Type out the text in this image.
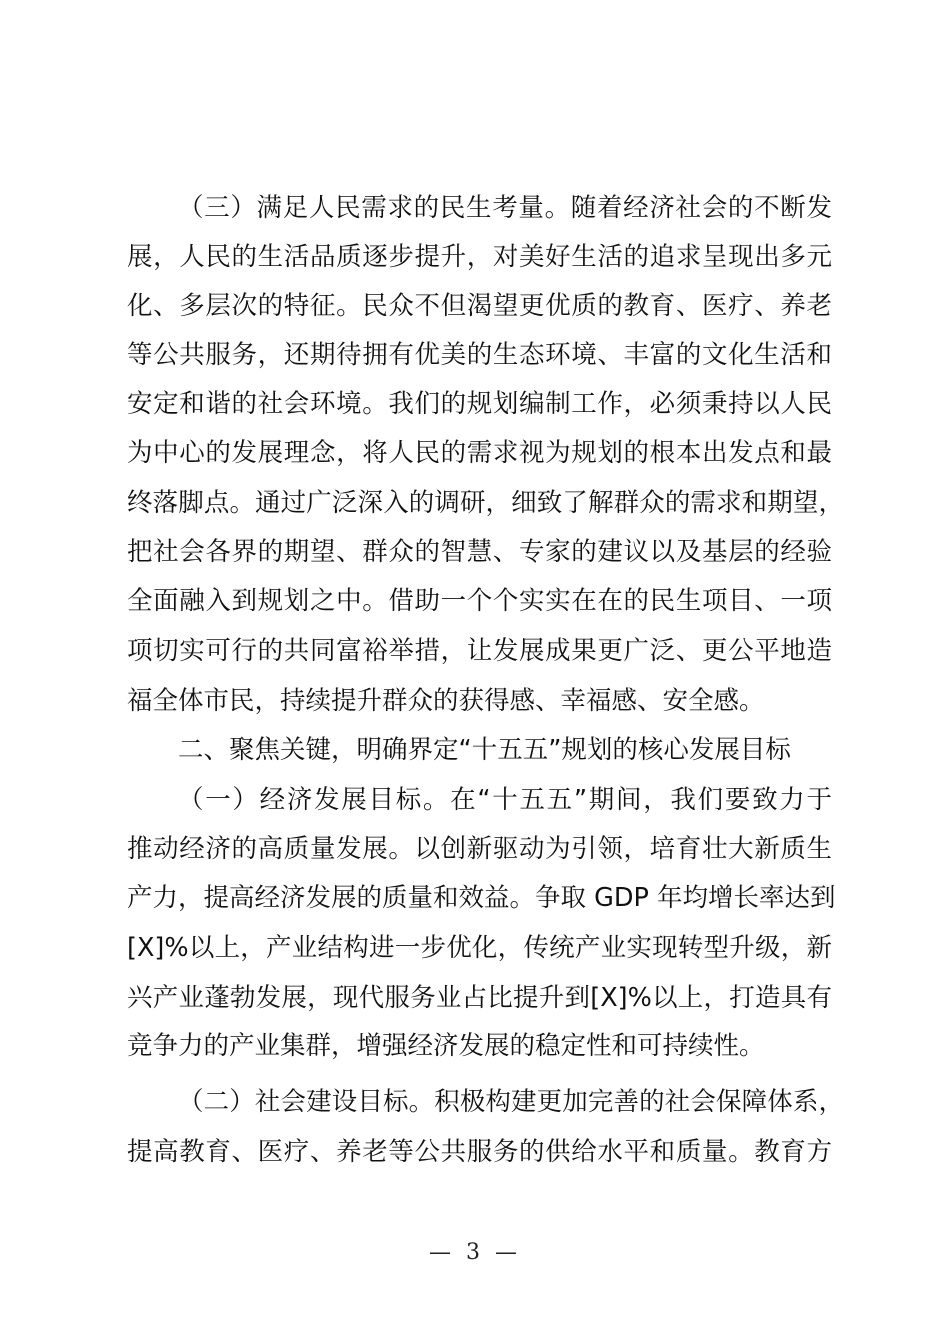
— 3 —
（三）满足人民需求的民生考量。随着经济社会的不断发
展，人民的生活品质逐步提升，对美好生活的追求呈现出多元
化、多层次的特征。民众不但渴望更优质的教育、医疗、养老
等公共服务，还期待拥有优美的生态环境、丰富的文化生活和
安定和谐的社会环境。我们的规划编制工作，必须秉持以人民
为中心的发展理念，将人民的需求视为规划的根本出发点和最
终落脚点。通过广泛深入的调研，细致了解群众的需求和期望，
把社会各界的期望、群众的智慧、专家的建议以及基层的经验
全面融入到规划之中。借助一个个实实在在的民生项目、一项
项切实可行的共同富裕举措，让发展成果更广泛、更公平地造
福全体市民，持续提升群众的获得感、幸福感、安全感。
二、聚焦关键，明确界定“十五五”规划的核心发展目标
（一）经济发展目标。在“十五五”期间，我们要致力于
推动经济的高质量发展。以创新驱动为引领，培育壮大新质生
产力，提高经济发展的质量和效益。争取 GDP 年均增长率达到
[X]%以上，产业结构进一步优化，传统产业实现转型升级，新
兴产业蓬勃发展，现代服务业占比提升到[X]%以上，打造具有
竞争力的产业集群，增强经济发展的稳定性和可持续性。
（二）社会建设目标。积极构建更加完善的社会保障体系，
提高教育、医疗、养老等公共服务的供给水平和质量。教育方
